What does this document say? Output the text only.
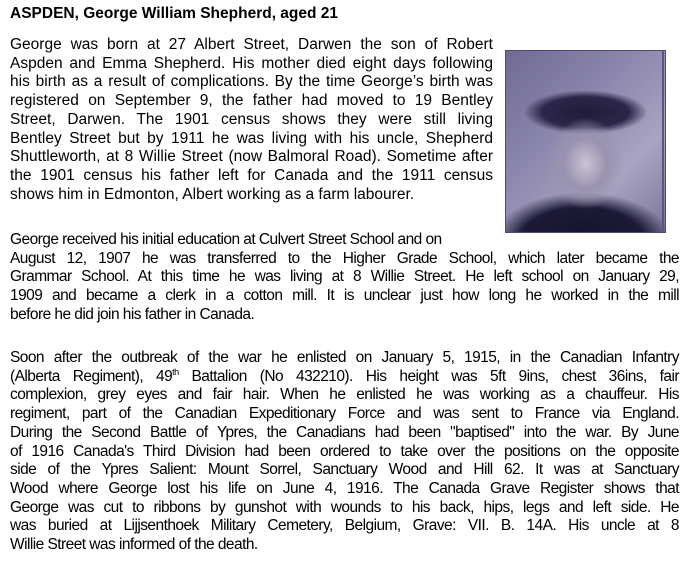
ASPDEN, George William Shepherd, aged 21
George was born at 27 Albert Street, Darwen the son of Robert
Aspden and Emma Shepherd. His mother died eight days following
his birth as a result of complications. By the time George’s birth was
registered on September 9, the father had moved to 19 Bentley
Street, Darwen. The 1901 census shows they were still living
Bentley Street but by 1911 he was living with his uncle, Shepherd
Shuttleworth, at 8 Willie Street (now Balmoral Road). Sometime after
the 1901 census his father left for Canada and the 1911 census
shows him in Edmonton, Albert working as a farm labourer.
George received his initial education at Culvert Street School and on
August 12, 1907 he was transferred to the Higher Grade School, which later became the
Grammar School. At this time he was living at 8 Willie Street. He left school on January 29,
1909 and became a clerk in a cotton mill. It is unclear just how long he worked in the mill
before he did join his father in Canada.
Soon after the outbreak of the war he enlisted on January 5, 1915, in the Canadian Infantry
(Alberta Regiment), 49th Battalion (No 432210). His height was 5ft 9ins, chest 36ins, fair
complexion, grey eyes and fair hair. When he enlisted he was working as a chauffeur. His
regiment, part of the Canadian Expeditionary Force and was sent to France via England.
During the Second Battle of Ypres, the Canadians had been "baptised" into the war. By June
of 1916 Canada's Third Division had been ordered to take over the positions on the opposite
side of the Ypres Salient: Mount Sorrel, Sanctuary Wood and Hill 62. It was at Sanctuary
Wood where George lost his life on June 4, 1916. The Canada Grave Register shows that
George was cut to ribbons by gunshot with wounds to his back, hips, legs and left side. He
was buried at Lijjsenthoek Military Cemetery, Belgium, Grave: VII. B. 14A. His uncle at 8
Willie Street was informed of the death.
